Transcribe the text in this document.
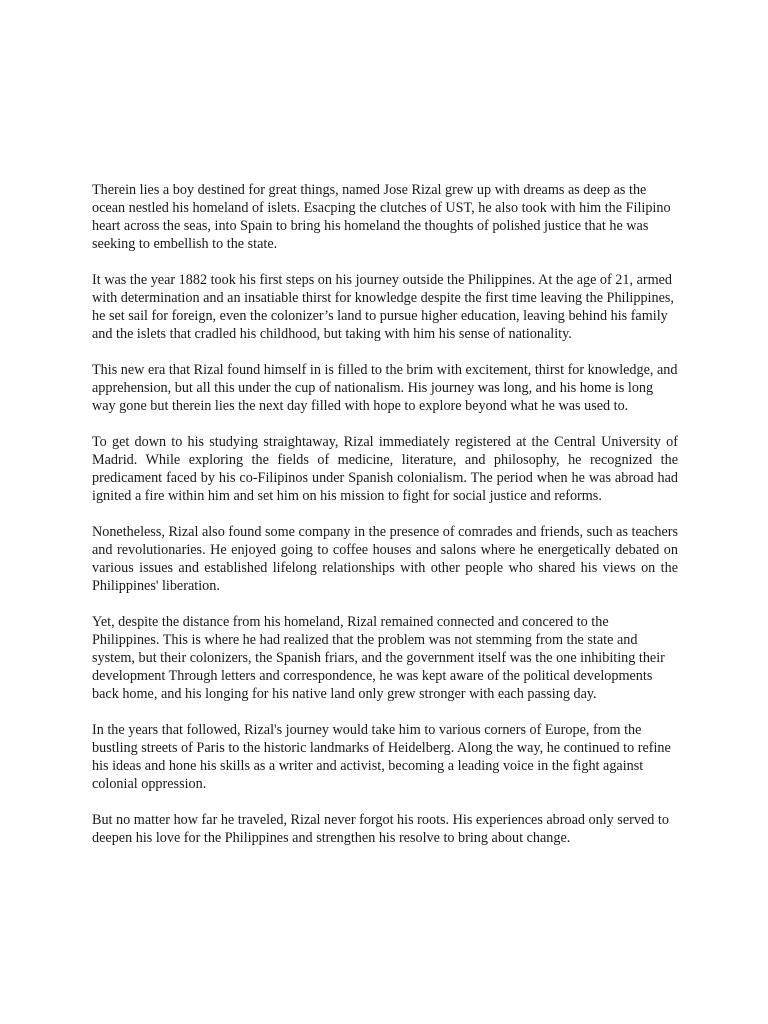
Therein lies a boy destined for great things, named Jose Rizal grew up with dreams as deep as the ocean nestled his homeland of islets. Esacping the clutches of UST, he also took with him the Filipino heart across the seas, into Spain to bring his homeland the thoughts of polished justice that he was seeking to embellish to the state.

It was the year 1882 took his first steps on his journey outside the Philippines. At the age of 21, armed with determination and an insatiable thirst for knowledge despite the first time leaving the Philippines, he set sail for foreign, even the colonizer’s land to pursue higher education, leaving behind his family and the islets that cradled his childhood, but taking with him his sense of nationality.

This new era that Rizal found himself in is filled to the brim with excitement, thirst for knowledge, and apprehension, but all this under the cup of nationalism. His journey was long, and his home is long way gone but therein lies the next day filled with hope to explore beyond what he was used to.

To get down to his studying straightaway, Rizal immediately registered at the Central University of Madrid. While exploring the fields of medicine, literature, and philosophy, he recognized the predicament faced by his co-Filipinos under Spanish colonialism. The period when he was abroad had ignited a fire within him and set him on his mission to fight for social justice and reforms.

Nonetheless, Rizal also found some company in the presence of comrades and friends, such as teachers and revolutionaries. He enjoyed going to coffee houses and salons where he energetically debated on various issues and established lifelong relationships with other people who shared his views on the Philippines' liberation.

Yet, despite the distance from his homeland, Rizal remained connected and concered to the Philippines. This is where he had realized that the problem was not stemming from the state and system, but their colonizers, the Spanish friars, and the government itself was the one inhibiting their development Through letters and correspondence, he was kept aware of the political developments back home, and his longing for his native land only grew stronger with each passing day.

In the years that followed, Rizal's journey would take him to various corners of Europe, from the bustling streets of Paris to the historic landmarks of Heidelberg. Along the way, he continued to refine his ideas and hone his skills as a writer and activist, becoming a leading voice in the fight against colonial oppression.

But no matter how far he traveled, Rizal never forgot his roots. His experiences abroad only served to deepen his love for the Philippines and strengthen his resolve to bring about change.
